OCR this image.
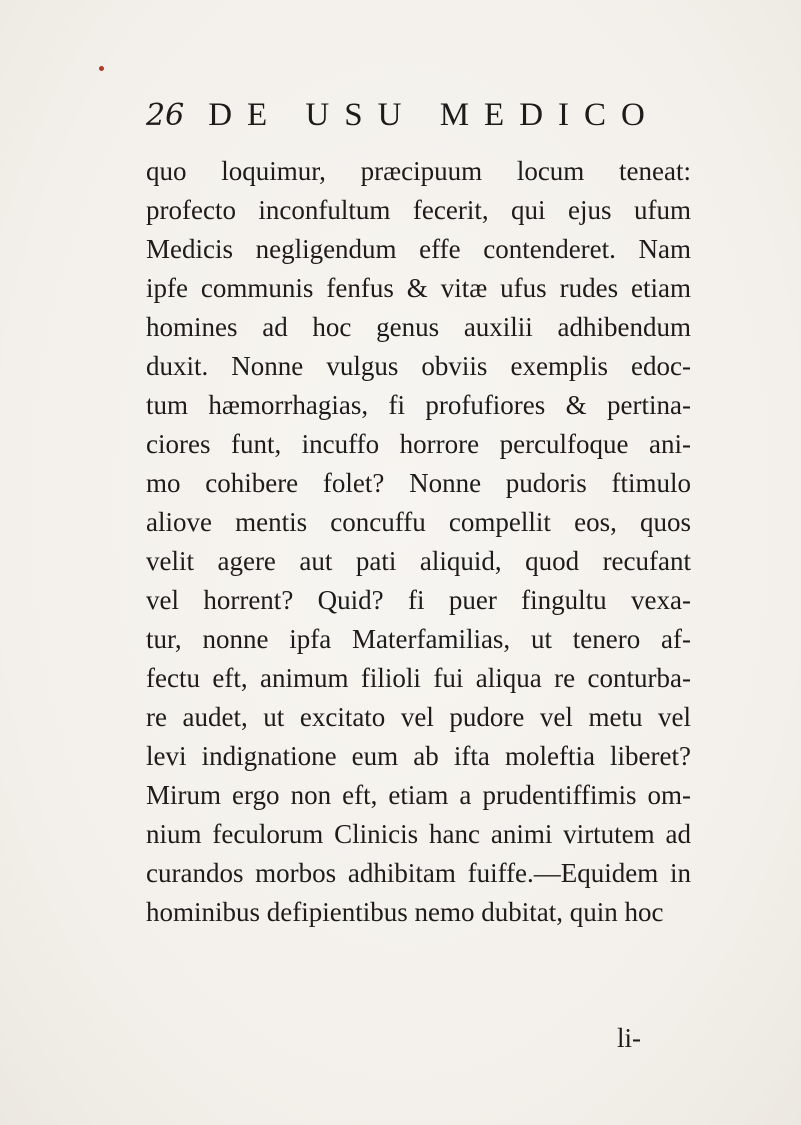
26 DE USU MEDICO
quo loquimur, præcipuum locum teneat:
profecto inconfultum fecerit, qui ejus ufum
Medicis negligendum effe contenderet. Nam
ipfe communis fenfus & vitæ ufus rudes etiam
homines ad hoc genus auxilii adhibendum
duxit. Nonne vulgus obviis exemplis edoc-
tum hæmorrhagias, fi profufiores & pertina-
ciores funt, incuffo horrore perculfoque ani-
mo cohibere folet? Nonne pudoris ftimulo
aliove mentis concuffu compellit eos, quos
velit agere aut pati aliquid, quod recufant
vel horrent? Quid? fi puer fingultu vexa-
tur, nonne ipfa Materfamilias, ut tenero af-
fectu eft, animum filioli fui aliqua re conturba-
re audet, ut excitato vel pudore vel metu vel
levi indignatione eum ab ifta moleftia liberet?
Mirum ergo non eft, etiam a prudentiffimis om-
nium feculorum Clinicis hanc animi virtutem ad
curandos morbos adhibitam fuiffe.—Equidem in
hominibus defipientibus nemo dubitat, quin hoc
li-
